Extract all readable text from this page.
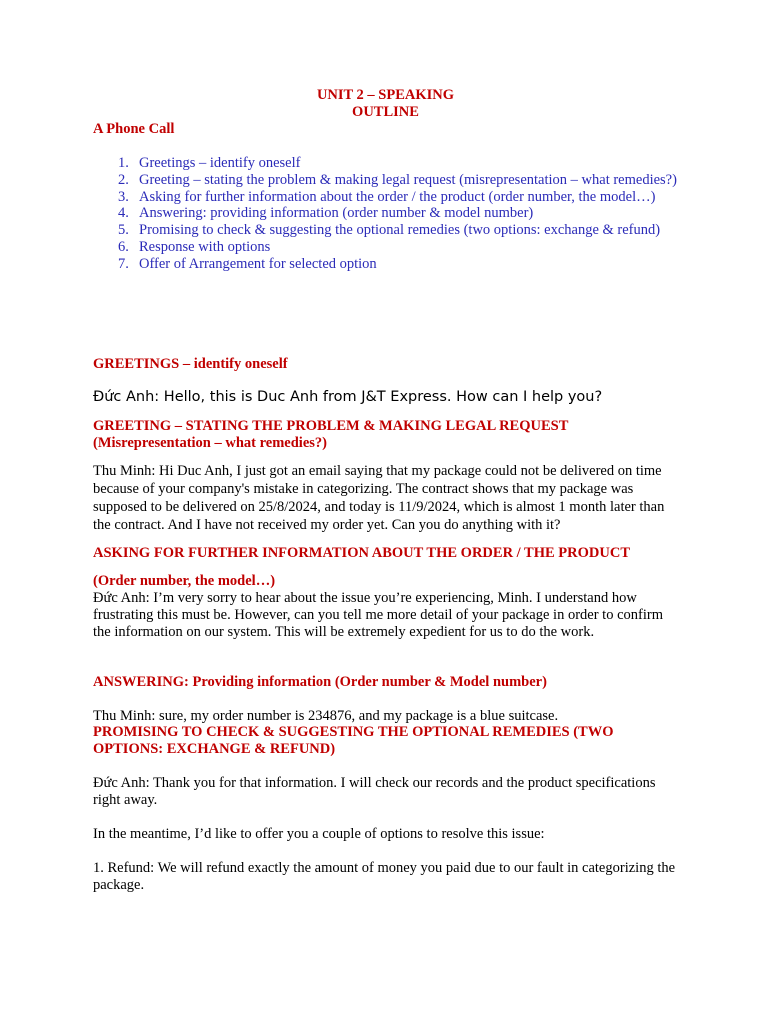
UNIT 2 – SPEAKING
OUTLINE
A Phone Call
1. Greetings – identify oneself
2. Greeting – stating the problem & making legal request (misrepresentation – what remedies?)
3. Asking for further information about the order / the product (order number, the model…)
4. Answering: providing information (order number & model number)
5. Promising to check & suggesting the optional remedies (two options: exchange & refund)
6. Response with options
7. Offer of Arrangement for selected option
GREETINGS – identify oneself

Đức Anh: Hello, this is Duc Anh from J&T Express. How can I help you?

GREETING – STATING THE PROBLEM & MAKING LEGAL REQUEST
(Misrepresentation – what remedies?)

Thu Minh: Hi Duc Anh, I just got an email saying that my package could not be delivered on time because of your company's mistake in categorizing. The contract shows that my package was supposed to be delivered on 25/8/2024, and today is 11/9/2024, which is almost 1 month later than the contract. And I have not received my order yet. Can you do anything with it?

ASKING FOR FURTHER INFORMATION ABOUT THE ORDER / THE PRODUCT
(Order number, the model…)

Đức Anh: I’m very sorry to hear about the issue you’re experiencing, Minh. I understand how frustrating this must be. However, can you tell me more detail of your package in order to confirm the information on our system. This will be extremely expedient for us to do the work.

ANSWERING: Providing information (Order number & Model number)

Thu Minh: sure, my order number is 234876, and my package is a blue suitcase.

PROMISING TO CHECK & SUGGESTING THE OPTIONAL REMEDIES (TWO OPTIONS: EXCHANGE & REFUND)

Đức Anh: Thank you for that information. I will check our records and the product specifications right away.

In the meantime, I’d like to offer you a couple of options to resolve this issue:

1. Refund: We will refund exactly the amount of money you paid due to our fault in categorizing the package.
